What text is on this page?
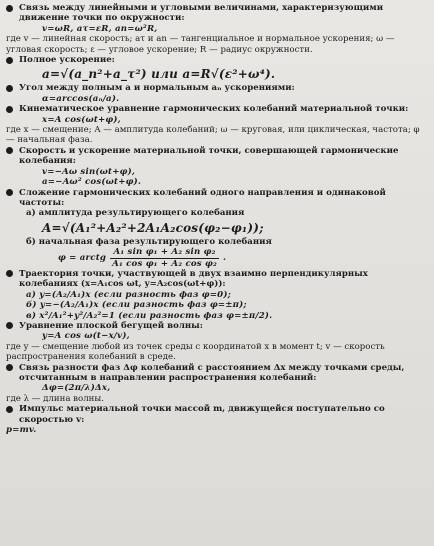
Связь между линейными и угловыми величинами, характеризующими движение точки по окружности:
v=ωR, aτ=εR, an=ω²R,
где v — линейная скорость; aτ и an — тангенциальное и нормальное ускорения; ω — угловая скорость; ε — угловое ускорение; R — радиус окружности.
Полное ускорение:
a=√(a_n²+a_τ²) или a=R√(ε²+ω⁴).
Угол между полным a и нормальным aₙ ускорениями:
α=arccos(aₙ/a).
Кинематическое уравнение гармонических колебаний материальной точки:
x=A cos(ωt+φ),
где x — смещение; A — амплитуда колебаний; ω — круговая, или циклическая, частота; φ — начальная фаза.
Скорость и ускорение материальной точки, совершающей гармонические колебания:
v=−Aω sin(ωt+φ),
a=−Aω² cos(ωt+φ).
Сложение гармонических колебаний одного направления и одинаковой частоты:
а) амплитуда результирующего колебания
A=√(A₁²+A₂²+2A₁A₂cos(φ₂−φ₁));
б) начальная фаза результирующего колебания
φ = arctg $\frac{\text{A₁ sin φ₁ + A₂ sin φ₂}}{\text{A₁ cos φ₁ + A₂ cos φ₂}}$ .
Траектория точки, участвующей в двух взаимно перпендикулярных колебаниях (x=A₁cos ωt, y=A₂cos(ωt+φ)):
а) y=(A₂/A₁)x (если разность фаз φ=0);
б) y=−(A₂/A₁)x (если разность фаз φ=±π);
в) x²/A₁²+y²/A₂²=1 (если разность фаз φ=±π/2).
Уравнение плоской бегущей волны:
y=A cos ω(t−x/v),
где y — смещение любой из точек среды с координатой x в момент t; v — скорость распространения колебаний в среде.
Связь разности фаз Δφ колебаний с расстоянием Δx между точками среды, отсчитанным в направлении распространения колебаний:
Δφ=(2π/λ)Δx,
где λ — длина волны.
Импульс материальной точки массой m, движущейся поступательно со скоростью v:
p=mv.
